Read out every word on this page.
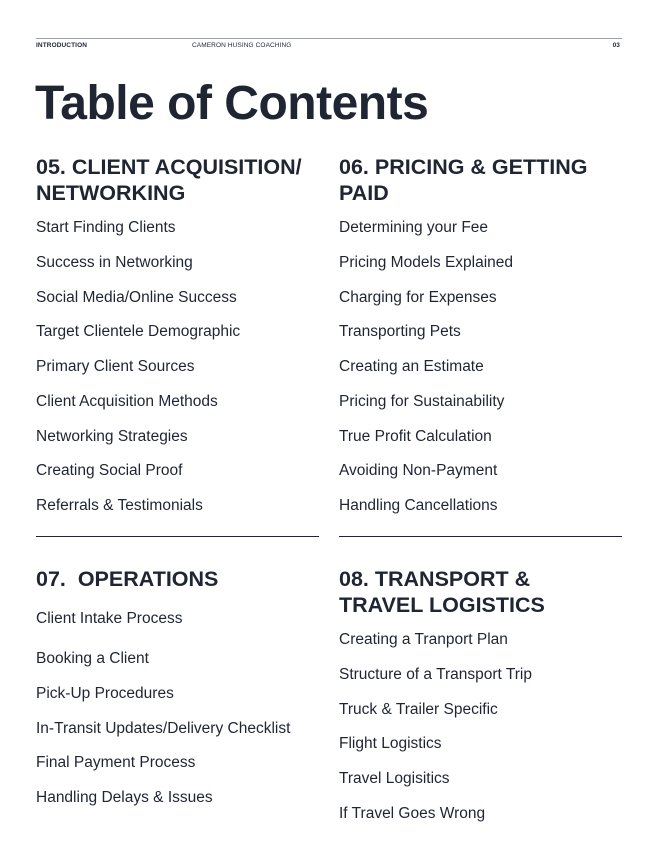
INTRODUCTION	CAMERON HUSING COACHING	03
Table of Contents
05. CLIENT ACQUISITION/
NETWORKING
Start Finding Clients
Success in Networking
Social Media/Online Success
Target Clientele Demographic
Primary Client Sources
Client Acquisition Methods
Networking Strategies
Creating Social Proof
Referrals & Testimonials
06. PRICING & GETTING
PAID
Determining your Fee
Pricing Models Explained
Charging for Expenses
Transporting Pets
Creating an Estimate
Pricing for Sustainability
True Profit Calculation
Avoiding Non-Payment
Handling Cancellations
07.  OPERATIONS
Client Intake Process
Booking a Client
Pick-Up Procedures
In-Transit Updates/Delivery Checklist
Final Payment Process
Handling Delays & Issues
08. TRANSPORT &
TRAVEL LOGISTICS
Creating a Tranport Plan
Structure of a Transport Trip
Truck & Trailer Specific
Flight Logistics
Travel Logisitics
If Travel Goes Wrong
